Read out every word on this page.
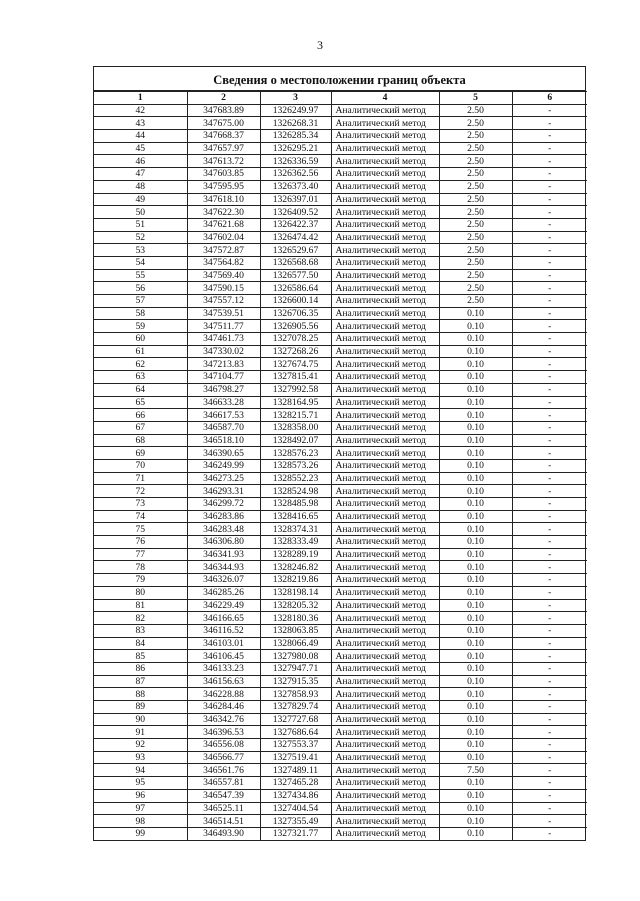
3
Сведения о местоположении границ объекта
1	2	3	4	5	6
42	347683.89	1326249.97	Аналитический метод	2.50	-
43	347675.00	1326268.31	Аналитический метод	2.50	-
44	347668.37	1326285.34	Аналитический метод	2.50	-
45	347657.97	1326295.21	Аналитический метод	2.50	-
46	347613.72	1326336.59	Аналитический метод	2.50	-
47	347603.85	1326362.56	Аналитический метод	2.50	-
48	347595.95	1326373.40	Аналитический метод	2.50	-
49	347618.10	1326397.01	Аналитический метод	2.50	-
50	347622.30	1326409.52	Аналитический метод	2.50	-
51	347621.68	1326422.37	Аналитический метод	2.50	-
52	347602.04	1326474.42	Аналитический метод	2.50	-
53	347572.87	1326529.67	Аналитический метод	2.50	-
54	347564.82	1326568.68	Аналитический метод	2.50	-
55	347569.40	1326577.50	Аналитический метод	2.50	-
56	347590.15	1326586.64	Аналитический метод	2.50	-
57	347557.12	1326600.14	Аналитический метод	2.50	-
58	347539.51	1326706.35	Аналитический метод	0.10	-
59	347511.77	1326905.56	Аналитический метод	0.10	-
60	347461.73	1327078.25	Аналитический метод	0.10	-
61	347330.02	1327268.26	Аналитический метод	0.10	-
62	347213.83	1327674.75	Аналитический метод	0.10	-
63	347104.77	1327815.41	Аналитический метод	0.10	-
64	346798.27	1327992.58	Аналитический метод	0.10	-
65	346633.28	1328164.95	Аналитический метод	0.10	-
66	346617.53	1328215.71	Аналитический метод	0.10	-
67	346587.70	1328358.00	Аналитический метод	0.10	-
68	346518.10	1328492.07	Аналитический метод	0.10	-
69	346390.65	1328576.23	Аналитический метод	0.10	-
70	346249.99	1328573.26	Аналитический метод	0.10	-
71	346273.25	1328552.23	Аналитический метод	0.10	-
72	346293.31	1328524.98	Аналитический метод	0.10	-
73	346299.72	1328485.98	Аналитический метод	0.10	-
74	346283.86	1328416.65	Аналитический метод	0.10	-
75	346283.48	1328374.31	Аналитический метод	0.10	-
76	346306.80	1328333.49	Аналитический метод	0.10	-
77	346341.93	1328289.19	Аналитический метод	0.10	-
78	346344.93	1328246.82	Аналитический метод	0.10	-
79	346326.07	1328219.86	Аналитический метод	0.10	-
80	346285.26	1328198.14	Аналитический метод	0.10	-
81	346229.49	1328205.32	Аналитический метод	0.10	-
82	346166.65	1328180.36	Аналитический метод	0.10	-
83	346116.52	1328063.85	Аналитический метод	0.10	-
84	346103.01	1328066.49	Аналитический метод	0.10	-
85	346106.45	1327980.08	Аналитический метод	0.10	-
86	346133.23	1327947.71	Аналитический метод	0.10	-
87	346156.63	1327915.35	Аналитический метод	0.10	-
88	346228.88	1327858.93	Аналитический метод	0.10	-
89	346284.46	1327829.74	Аналитический метод	0.10	-
90	346342.76	1327727.68	Аналитический метод	0.10	-
91	346396.53	1327686.64	Аналитический метод	0.10	-
92	346556.08	1327553.37	Аналитический метод	0.10	-
93	346566.77	1327519.41	Аналитический метод	0.10	-
94	346561.76	1327489.11	Аналитический метод	7.50	-
95	346557.81	1327465.28	Аналитический метод	0.10	-
96	346547.39	1327434.86	Аналитический метод	0.10	-
97	346525.11	1327404.54	Аналитический метод	0.10	-
98	346514.51	1327355.49	Аналитический метод	0.10	-
99	346493.90	1327321.77	Аналитический метод	0.10	-
